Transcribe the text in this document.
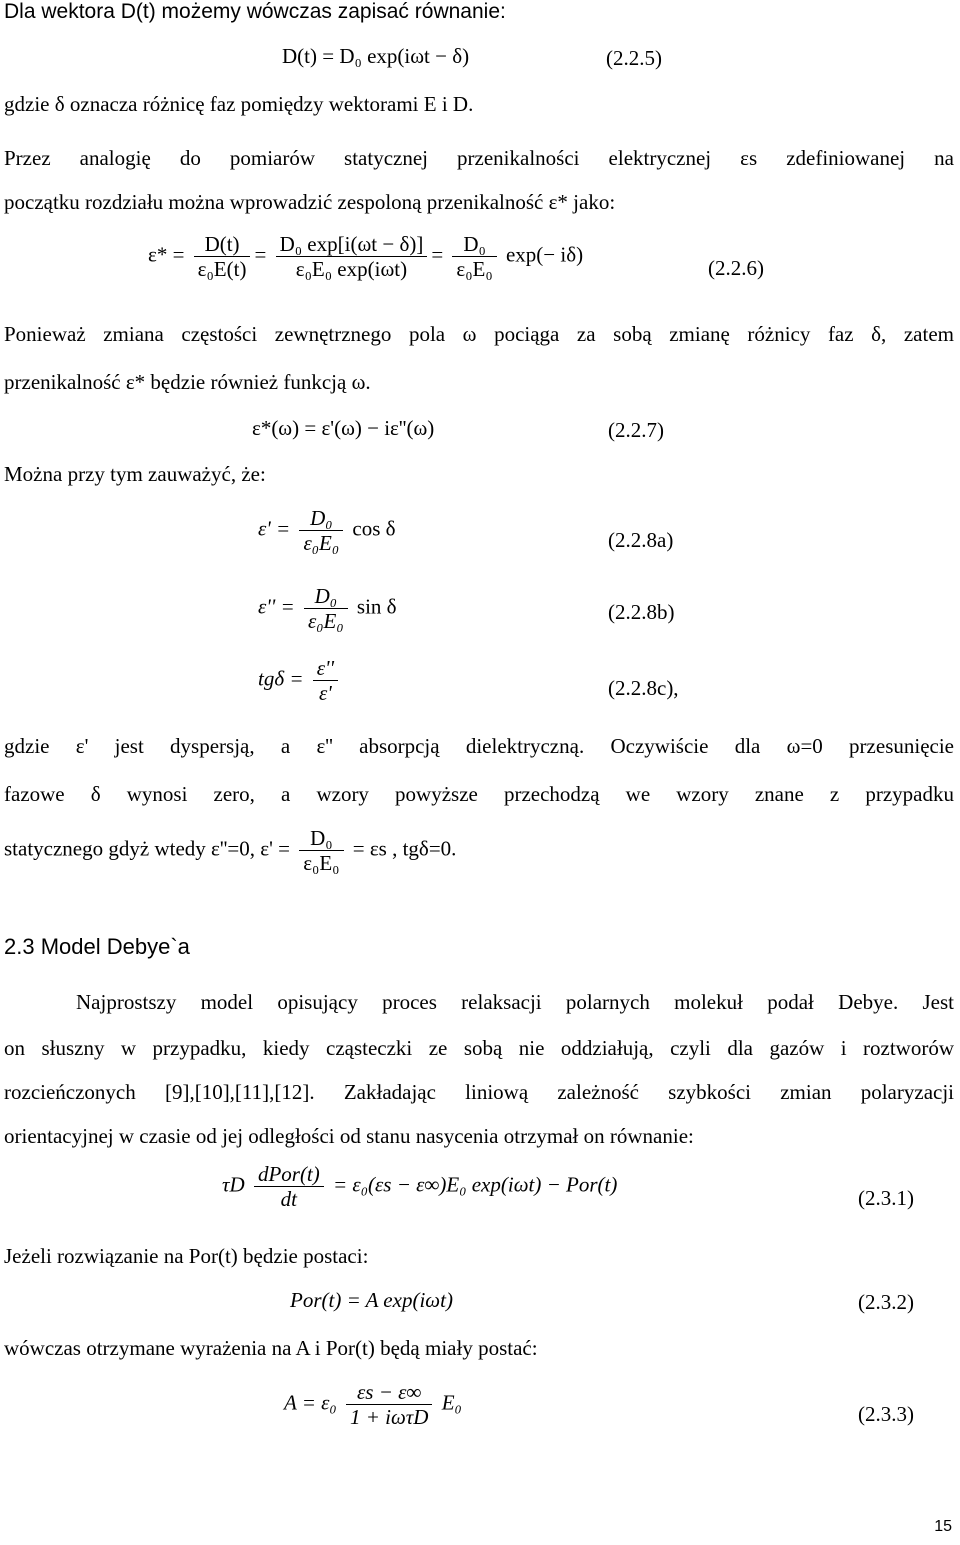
Dla wektora D(t) możemy wówczas zapisać równanie:
D(t) = D₀ exp(iωt − δ)	(2.2.5)
gdzie δ oznacza różnicę faz pomiędzy wektorami E i D.
Przez analogię do pomiarów statycznej przenikalności elektrycznej εs zdefiniowanej na
początku rozdziału można wprowadzić zespoloną przenikalność ε* jako:
$\varepsilon* = \frac{D(t)}{\text{ε₀E(t)}} = \frac{\text{D₀ exp[i(ωt − δ)]}}{\text{ε₀E₀ exp(iωt)}} = \frac{\text{D₀}}{\text{ε₀E₀}} \exp(- i\delta)$
(2.2.6)
Ponieważ zmiana częstości zewnętrznego pola ω pociąga za sobą zmianę różnicy faz δ, zatem
przenikalność ε* będzie również funkcją ω.
ε*(ω) = ε'(ω) − iε''(ω)	(2.2.7)
Można przy tym zauważyć, że:
$\varepsilon' = \frac{\text{D₀}}{\text{ε₀E₀}}$ cos δ	(2.2.8a)
$\varepsilon'' = \frac{\text{D₀}}{\text{ε₀E₀}}$ sin δ	(2.2.8b)
$tg\delta = \frac{\varepsilon''}{\varepsilon'}$	(2.2.8c),
gdzie ε' jest dyspersją, a ε'' absorpcją dielektryczną. Oczywiście dla ω=0 przesunięcie
fazowe δ wynosi zero, a wzory powyższe przechodzą we wzory znane z przypadku
statycznego gdyż wtedy ε''=0, $\varepsilon' = \frac{\text{D₀}}{\text{ε₀E₀}} = \varepsilon s$ , tgδ=0.
2.3 Model Debye`a
Najprostszy model opisujący proces relaksacji polarnych molekuł podał Debye. Jest
on słuszny w przypadku, kiedy cząsteczki ze sobą nie oddziałują, czyli dla gazów i roztworów
rozcieńczonych [9],[10],[11],[12]. Zakładając liniową zależność szybkości zmian polaryzacji
orientacyjnej w czasie od jej odległości od stanu nasycenia otrzymał on równanie:
τD $\frac{\text{dPor(t)}}{dt} = \varepsilon_0(\varepsilon s - \varepsilon\infty)E_0$ exp(iωt) − Por(t)
(2.3.1)
Jeżeli rozwiązanie na Por(t) będzie postaci:
Por(t) = A exp(iωt)	(2.3.2)
wówczas otrzymane wyrażenia na A i Por(t) będą miały postać:
$A = \varepsilon_0 \frac{\varepsilon s - \varepsilon\infty}{\text{1 + iωτD}} E_0$	(2.3.3)
15
